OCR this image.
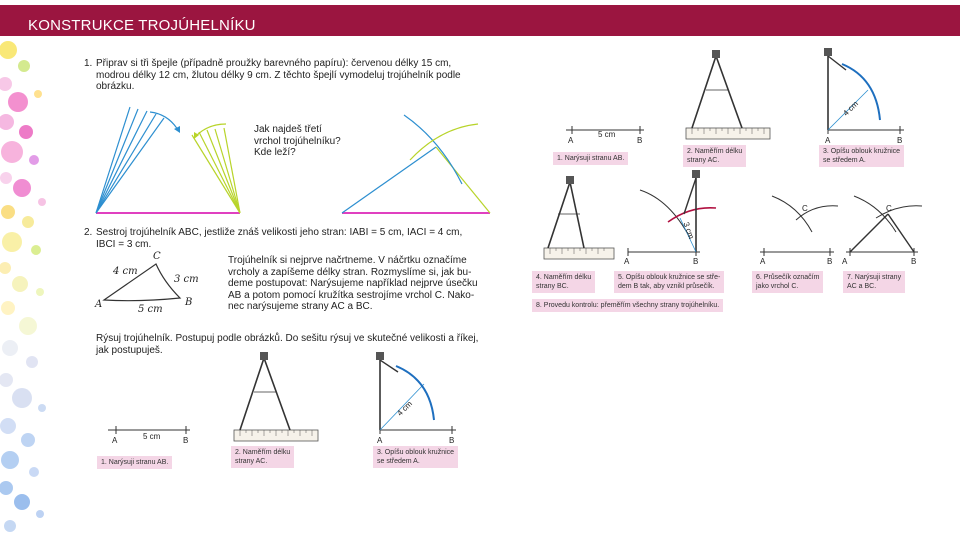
KONSTRUKCE TROJÚHELNÍKU
1. Připrav si tři špejle (případně proužky barevného papíru): červenou délky 15 cm,
modrou délky 12 cm, žlutou délky 9 cm. Z těchto špejlí vymodeluj trojúhelník podle
obrázku.
Jak najdeš třetí
vrchol trojúhelníku?
Kde leží?
2. Sestroj trojúhelník ABC, jestliže znáš velikosti jeho stran: IABI = 5 cm, IACI = 4 cm,
IBCI = 3 cm.
Trojúhelník si nejprve načrtneme. V náčrtku označíme
vrcholy a zapíšeme délky stran. Rozmyslíme si, jak bu-
deme postupovat: Narýsujeme například nejprve úsečku
AB a potom pomocí kružítka sestrojíme vrchol C. Nako-
nec narýsujeme strany AC a BC.
C
A	B
4 cm
3 cm
5 cm
Rýsuj trojúhelník. Postupuj podle obrázků. Do sešitu rýsuj ve skutečné velikosti a říkej,
jak postupuješ.
A	B
5 cm
1. Narýsuji stranu AB.
2. Naměřím délku
strany AC.
A	B
4 cm
3. Opíšu oblouk kružnice
se středem A.
A	B
5 cm
1. Narýsuji stranu AB.
2. Naměřím délku
strany AC.
A	B
4 cm
3. Opíšu oblouk kružnice
se středem A.
4. Naměřím délku
strany BC.
A	B
3 cm
5. Opíšu oblouk kružnice se stře-
dem B tak, aby vznikl průsečík.
A	B
C
6. Průsečík označím
jako vrchol C.
A	B
C
7. Narýsuji strany
AC a BC.
8. Provedu kontrolu: přeměřím všechny strany trojúhelníku.
